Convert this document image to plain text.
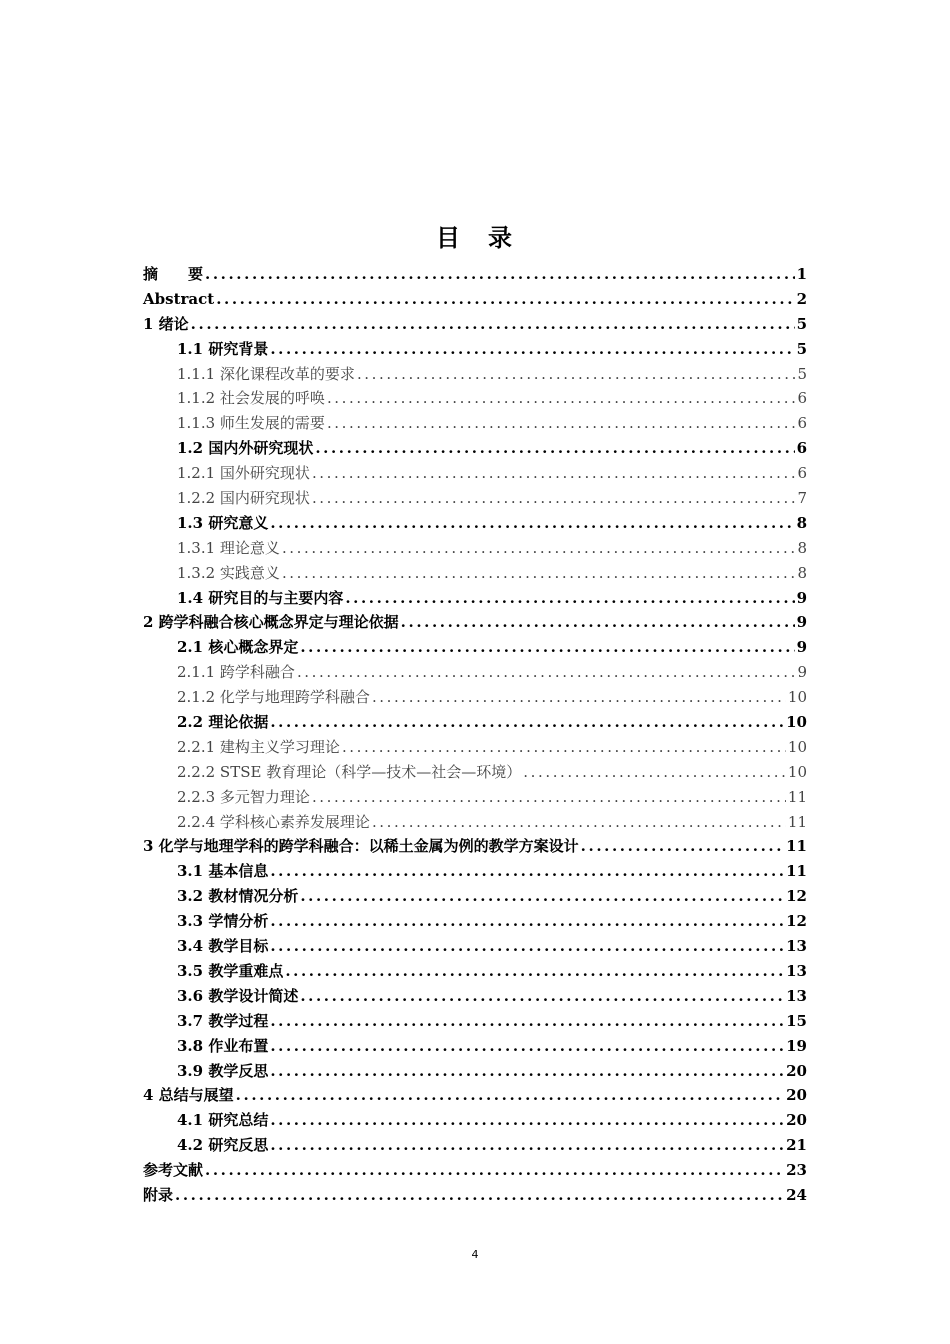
目　录
摘　　要 .....	1
Abstract .....	2
1 绪论 .....	5
1.1 研究背景 .....	5
1.1.1 深化课程改革的要求 .....	5
1.1.2 社会发展的呼唤 .....	6
1.1.3 师生发展的需要 .....	6
1.2 国内外研究现状 .....	6
1.2.1 国外研究现状 .....	6
1.2.2 国内研究现状 .....	7
1.3 研究意义 .....	8
1.3.1 理论意义 .....	8
1.3.2 实践意义 .....	8
1.4 研究目的与主要内容 .....	9
2 跨学科融合核心概念界定与理论依据 .....	9
2.1 核心概念界定 .....	9
2.1.1 跨学科融合 .....	9
2.1.2 化学与地理跨学科融合 .....	10
2.2 理论依据 .....	10
2.2.1 建构主义学习理论 .....	10
2.2.2 STSE 教育理论（科学—技术—社会—环境） .....	10
2.2.3 多元智力理论 .....	11
2.2.4 学科核心素养发展理论 .....	11
3 化学与地理学科的跨学科融合：以稀土金属为例的教学方案设计 .....	11
3.1 基本信息 .....	11
3.2 教材情况分析 .....	12
3.3 学情分析 .....	12
3.4 教学目标 .....	13
3.5 教学重难点 .....	13
3.6 教学设计简述 .....	13
3.7 教学过程 .....	15
3.8 作业布置 .....	19
3.9 教学反思 .....	20
4 总结与展望 .....	20
4.1 研究总结 .....	20
4.2 研究反思 .....	21
参考文献 .....	23
附录 .....	24
4
